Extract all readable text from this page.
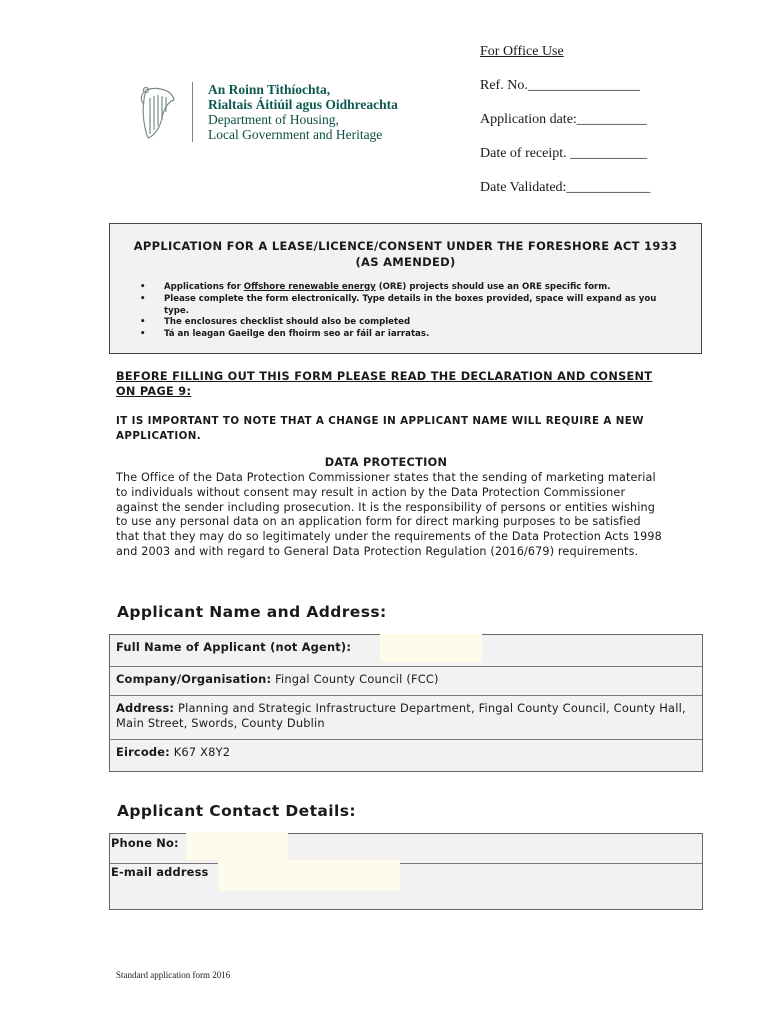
An Roinn Tithíochta,
Rialtais Áitiúil agus Oidhreachta
Department of Housing,
Local Government and Heritage
For Office Use
Ref. No.________________
Application date:__________
Date of receipt. ___________
Date Validated:____________
APPLICATION FOR A LEASE/LICENCE/CONSENT UNDER THE FORESHORE ACT 1933 (AS AMENDED)
• Applications for Offshore renewable energy (ORE) projects should use an ORE specific form.
• Please complete the form electronically. Type details in the boxes provided, space will expand as you type.
• The enclosures checklist should also be completed
• Tá an leagan Gaeilge den fhoirm seo ar fáil ar iarratas.
BEFORE FILLING OUT THIS FORM PLEASE READ THE DECLARATION AND CONSENT ON PAGE 9:
IT IS IMPORTANT TO NOTE THAT A CHANGE IN APPLICANT NAME WILL REQUIRE A NEW APPLICATION.
DATA PROTECTION
The Office of the Data Protection Commissioner states that the sending of marketing material to individuals without consent may result in action by the Data Protection Commissioner against the sender including prosecution. It is the responsibility of persons or entities wishing to use any personal data on an application form for direct marking purposes to be satisfied that that they may do so legitimately under the requirements of the Data Protection Acts 1998 and 2003 and with regard to General Data Protection Regulation (2016/679) requirements.
Applicant Name and Address:
Full Name of Applicant (not Agent):
Company/Organisation: Fingal County Council (FCC)
Address: Planning and Strategic Infrastructure Department, Fingal County Council, County Hall, Main Street, Swords, County Dublin
Eircode: K67 X8Y2
Applicant Contact Details:
Phone No:
E-mail address
Standard application form 2016
